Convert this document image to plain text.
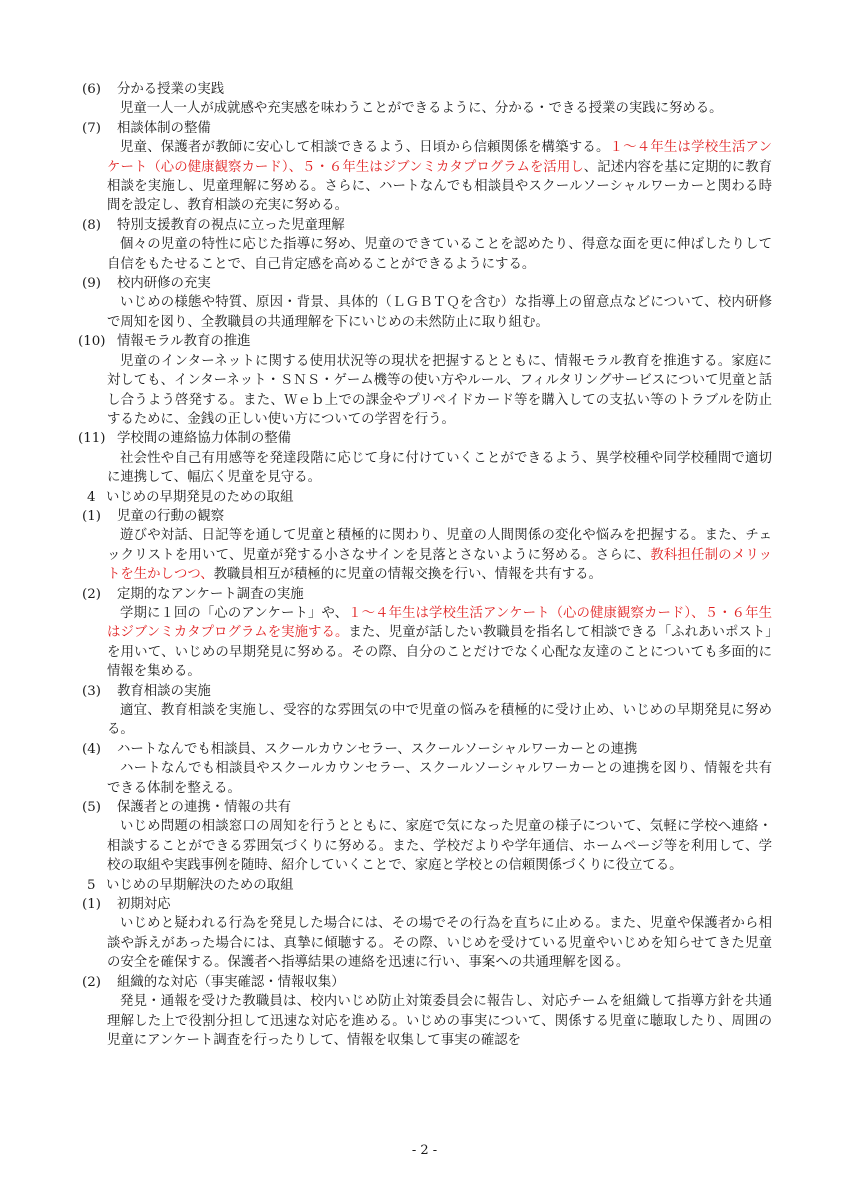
(6) 分かる授業の実践
児童一人一人が成就感や充実感を味わうことができるように、分かる・できる授業の実践に努める。
(7) 相談体制の整備
児童、保護者が教師に安心して相談できるよう、日頃から信頼関係を構築する。１～４年生は学校生活アンケート（心の健康観察カード）、５・６年生はジブンミカタプログラムを活用し、記述内容を基に定期的に教育相談を実施し、児童理解に努める。さらに、ハートなんでも相談員やスクールソーシャルワーカーと関わる時間を設定し、教育相談の充実に努める。
(8) 特別支援教育の視点に立った児童理解
個々の児童の特性に応じた指導に努め、児童のできていることを認めたり、得意な面を更に伸ばしたりして自信をもたせることで、自己肯定感を高めることができるようにする。
(9) 校内研修の充実
いじめの様態や特質、原因・背景、具体的（ＬＧＢＴＱを含む）な指導上の留意点などについて、校内研修で周知を図り、全教職員の共通理解を下にいじめの未然防止に取り組む。
(10) 情報モラル教育の推進
児童のインターネットに関する使用状況等の現状を把握するとともに、情報モラル教育を推進する。家庭に対しても、インターネット・ＳＮＳ・ゲーム機等の使い方やルール、フィルタリングサービスについて児童と話し合うよう啓発する。また、Ｗｅｂ上での課金やプリペイドカード等を購入しての支払い等のトラブルを防止するために、金銭の正しい使い方についての学習を行う。
(11) 学校間の連絡協力体制の整備
社会性や自己有用感等を発達段階に応じて身に付けていくことができるよう、異学校種や同学校種間で適切に連携して、幅広く児童を見守る。
4 いじめの早期発見のための取組
(1) 児童の行動の観察
遊びや対話、日記等を通して児童と積極的に関わり、児童の人間関係の変化や悩みを把握する。また、チェックリストを用いて、児童が発する小さなサインを見落とさないように努める。さらに、教科担任制のメリットを生かしつつ、教職員相互が積極的に児童の情報交換を行い、情報を共有する。
(2) 定期的なアンケート調査の実施
学期に１回の「心のアンケート」や、１～４年生は学校生活アンケート（心の健康観察カード）、５・６年生はジブンミカタプログラムを実施する。また、児童が話したい教職員を指名して相談できる「ふれあいポスト」を用いて、いじめの早期発見に努める。その際、自分のことだけでなく心配な友達のことについても多面的に情報を集める。
(3) 教育相談の実施
適宜、教育相談を実施し、受容的な雰囲気の中で児童の悩みを積極的に受け止め、いじめの早期発見に努める。
(4) ハートなんでも相談員、スクールカウンセラー、スクールソーシャルワーカーとの連携
ハートなんでも相談員やスクールカウンセラー、スクールソーシャルワーカーとの連携を図り、情報を共有できる体制を整える。
(5) 保護者との連携・情報の共有
いじめ問題の相談窓口の周知を行うとともに、家庭で気になった児童の様子について、気軽に学校へ連絡・相談することができる雰囲気づくりに努める。また、学校だよりや学年通信、ホームページ等を利用して、学校の取組や実践事例を随時、紹介していくことで、家庭と学校との信頼関係づくりに役立てる。
5 いじめの早期解決のための取組
(1) 初期対応
いじめと疑われる行為を発見した場合には、その場でその行為を直ちに止める。また、児童や保護者から相談や訴えがあった場合には、真摯に傾聴する。その際、いじめを受けている児童やいじめを知らせてきた児童の安全を確保する。保護者へ指導結果の連絡を迅速に行い、事案への共通理解を図る。
(2) 組織的な対応（事実確認・情報収集）
発見・通報を受けた教職員は、校内いじめ防止対策委員会に報告し、対応チームを組織して指導方針を共通理解した上で役割分担して迅速な対応を進める。いじめの事実について、関係する児童に聴取したり、周囲の児童にアンケート調査を行ったりして、情報を収集して事実の確認を
- 2 -
